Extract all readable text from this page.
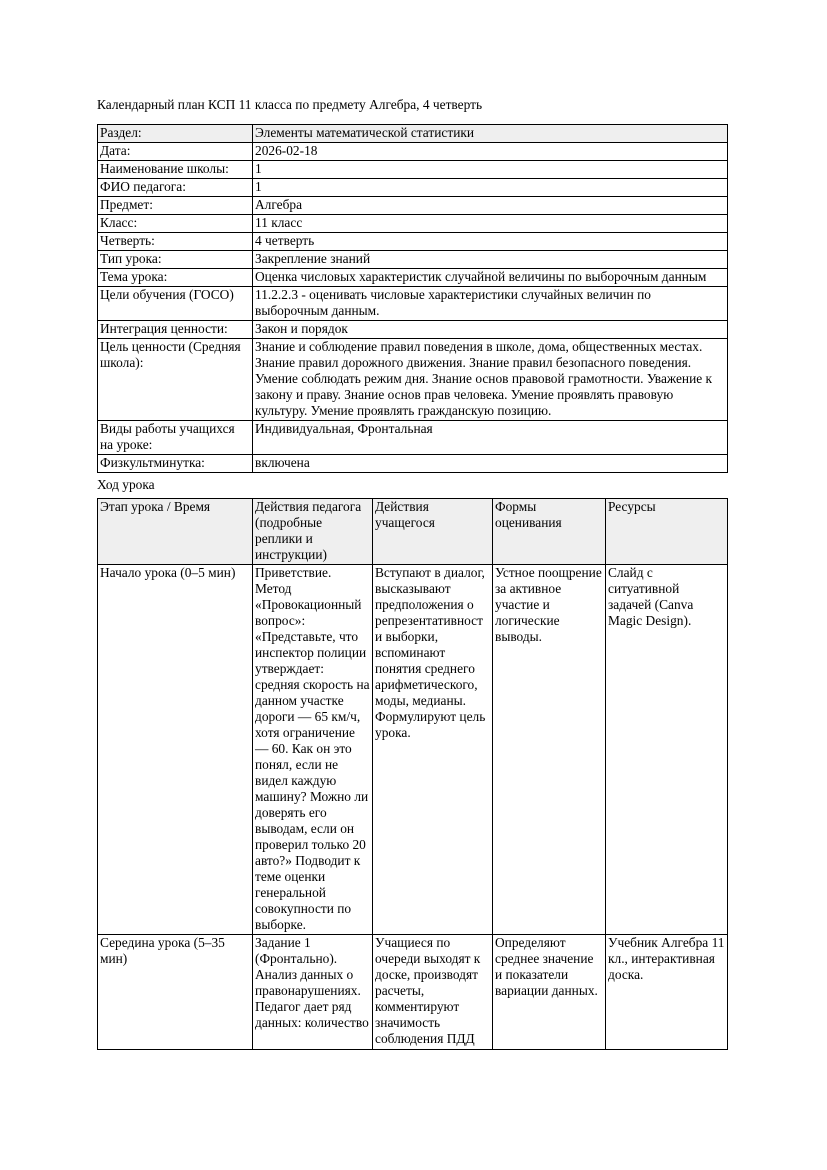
Календарный план КСП 11 класса по предмету Алгебра, 4 четверть

Раздел:	Элементы математической статистики
Дата:	2026-02-18
Наименование школы:	1
ФИО педагога:	1
Предмет:	Алгебра
Класс:	11 класс
Четверть:	4 четверть
Тип урока:	Закрепление знаний
Тема урока:	Оценка числовых характеристик случайной величины по выборочным данным
Цели обучения (ГОСО)	11.2.2.3 - оценивать числовые характеристики случайных величин по выборочным данным.
Интеграция ценности:	Закон и порядок
Цель ценности (Средняя школа):	Знание и соблюдение правил поведения в школе, дома, общественных местах. Знание правил дорожного движения. Знание правил безопасного поведения. Умение соблюдать режим дня. Знание основ правовой грамотности. Уважение к закону и праву. Знание основ прав человека. Умение проявлять правовую культуру. Умение проявлять гражданскую позицию.
Виды работы учащихся на уроке:	Индивидуальная, Фронтальная
Физкультминутка:	включена

Ход урока

Этап урока / Время	Действия педагога (подробные реплики и инструкции)	Действия учащегося	Формы оценивания	Ресурсы
Начало урока (0–5 мин)	Приветствие. Метод «Провокационный вопрос»: «Представьте, что инспектор полиции утверждает: средняя скорость на данном участке дороги — 65 км/ч, хотя ограничение — 60. Как он это понял, если не видел каждую машину? Можно ли доверять его выводам, если он проверил только 20 авто?» Подводит к теме оценки генеральной совокупности по выборке.	Вступают в диалог, высказывают предположения о репрезентативности выборки, вспоминают понятия среднего арифметического, моды, медианы. Формулируют цель урока.	Устное поощрение за активное участие и логические выводы.	Слайд с ситуативной задачей (Canva Magic Design).

Середина урока (5–35 мин)	Задание 1 (Фронтально). Анализ данных о правонарушениях. Педагог дает ряд данных: количество	Учащиеся по очереди выходят к доске, производят расчеты, комментируют значимость соблюдения ПДД	Определяют среднее значение и показатели вариации данных.	Учебник Алгебра 11 кл., интерактивная доска.
